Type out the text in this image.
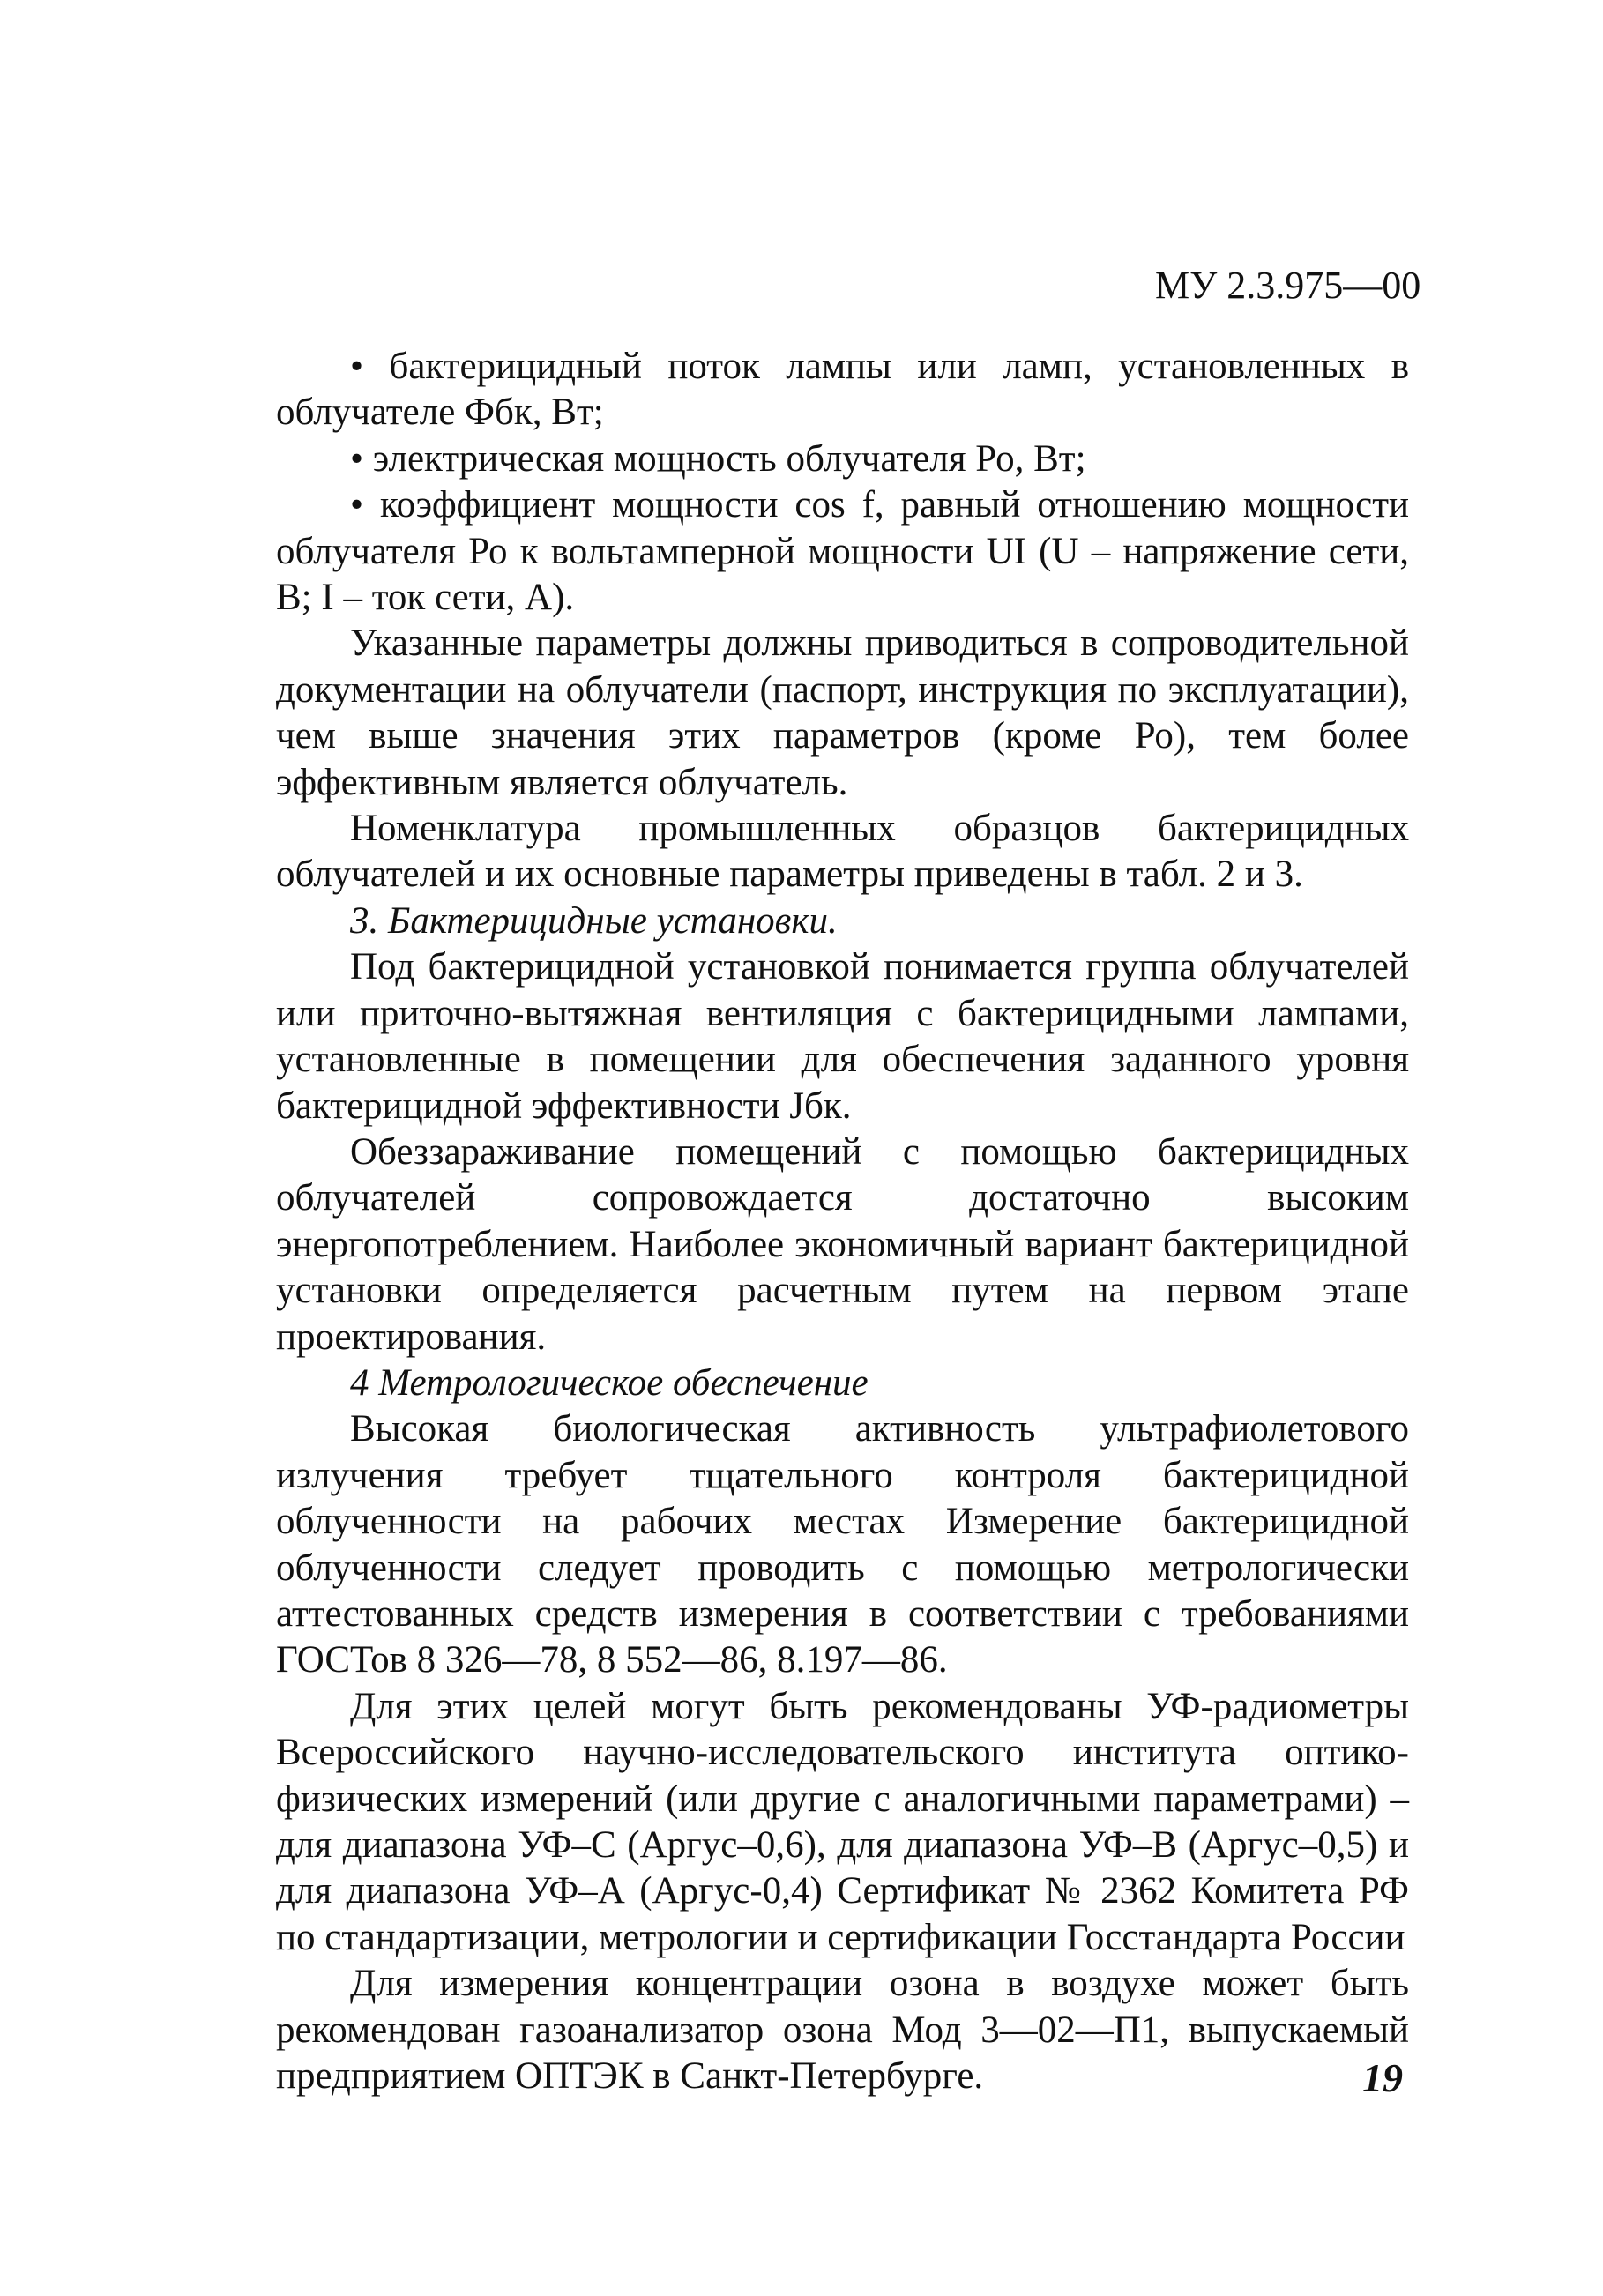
МУ 2.3.975—00

• бактерицидный поток лампы или ламп, установленных в облучателе Фбк, Вт;

• электрическая мощность облучателя Ро, Вт;

• коэффициент мощности cos f, равный отношению мощности облучателя Ро к вольтамперной мощности UI (U – напряжение сети, В; I – ток сети, А).

Указанные параметры должны приводиться в сопроводительной документации на облучатели (паспорт, инструкция по эксплуатации), чем выше значения этих параметров (кроме Ро), тем более эффективным является облучатель.

Номенклатура промышленных образцов бактерицидных облучателей и их основные параметры приведены в табл. 2 и 3.

3. Бактерицидные установки.

Под бактерицидной установкой понимается группа облучателей или приточно-вытяжная вентиляция с бактерицидными лампами, установленные в помещении для обеспечения заданного уровня бактерицидной эффективности Jбк.

Обеззараживание помещений с помощью бактерицидных облучателей сопровождается достаточно высоким энергопотреблением. Наиболее экономичный вариант бактерицидной установки определяется расчетным путем на первом этапе проектирования.

4 Метрологическое обеспечение

Высокая биологическая активность ультрафиолетового излучения требует тщательного контроля бактерицидной облученности на рабочих местах Измерение бактерицидной облученности следует проводить с помощью метрологически аттестованных средств измерения в соответствии с требованиями ГОСТов 8 326—78, 8 552—86, 8.197—86.

Для этих целей могут быть рекомендованы УФ-радиометры Всероссийского научно-исследовательского института оптико-физических измерений (или другие с аналогичными параметрами) – для диапазона УФ–С (Аргус–0,6), для диапазона УФ–В (Аргус–0,5) и для диапазона УФ–А (Аргус-0,4) Сертификат № 2362 Комитета РФ по стандартизации, метрологии и сертификации Госстандарта России

Для измерения концентрации озона в воздухе может быть рекомендован газоанализатор озона Мод 3—02—П1, выпускаемый предприятием ОПТЭК в Санкт-Петербурге.	19
